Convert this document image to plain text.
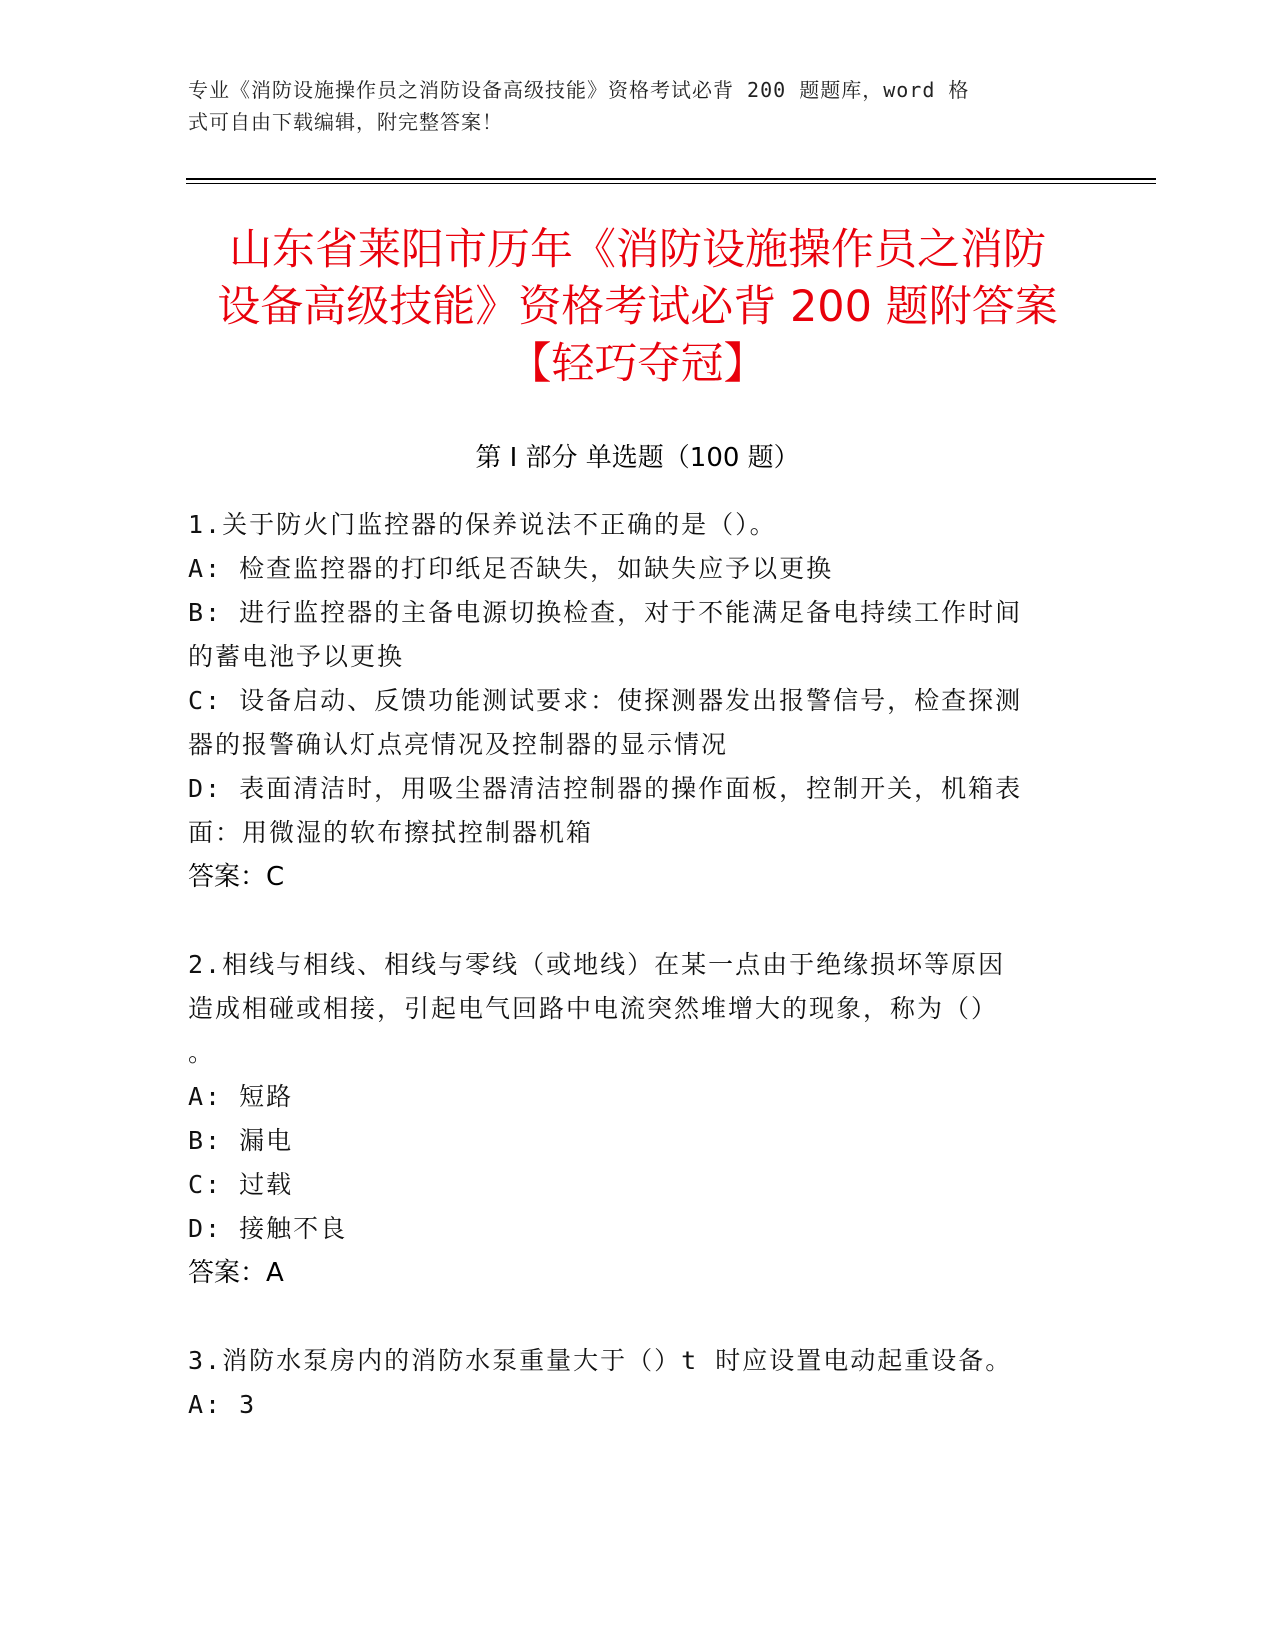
专业《消防设施操作员之消防设备高级技能》资格考试必背 200 题题库，word 格
式可自由下载编辑，附完整答案！
山东省莱阳市历年《消防设施操作员之消防
设备高级技能》资格考试必背 200 题附答案
【轻巧夺冠】
第 I 部分 单选题（100 题）
1.关于防火门监控器的保养说法不正确的是（）。
A: 检查监控器的打印纸足否缺失，如缺失应予以更换
B: 进行监控器的主备电源切换检查，对于不能满足备电持续工作时间
的蓄电池予以更换
C: 设备启动、反馈功能测试要求：使探测器发出报警信号，检查探测
器的报警确认灯点亮情况及控制器的显示情况
D: 表面清洁时，用吸尘器清洁控制器的操作面板，控制开关，机箱表
面：用微湿的软布擦拭控制器机箱
答案：C
2.相线与相线、相线与零线（或地线）在某一点由于绝缘损坏等原因
造成相碰或相接，引起电气回路中电流突然堆增大的现象，称为（）
。
A: 短路
B: 漏电
C: 过载
D: 接触不良
答案：A
3.消防水泵房内的消防水泵重量大于（）t 时应设置电动起重设备。
A: 3
